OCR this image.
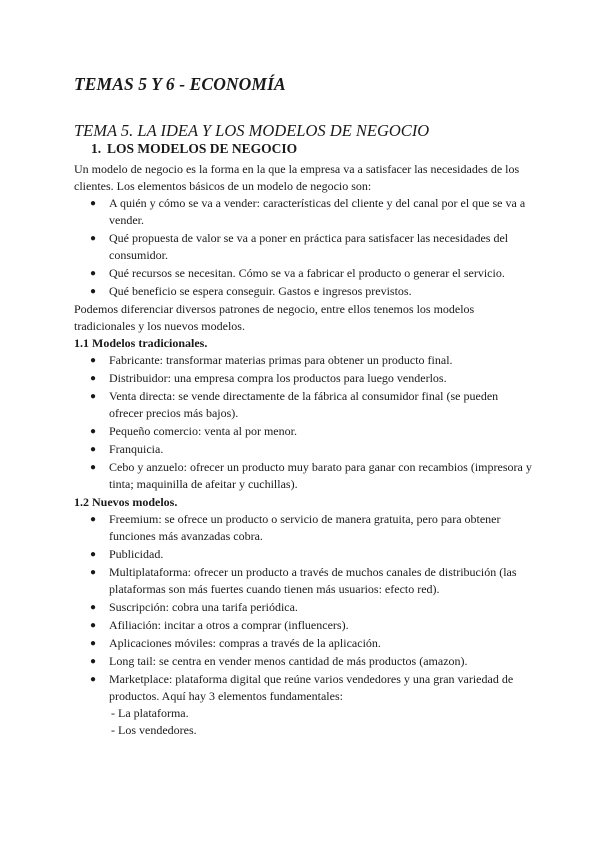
TEMAS 5 Y 6 - ECONOMÍA
TEMA 5. LA IDEA Y LOS MODELOS DE NEGOCIO
1. LOS MODELOS DE NEGOCIO

Un modelo de negocio es la forma en la que la empresa va a satisfacer las necesidades de los clientes. Los elementos básicos de un modelo de negocio son:

● A quién y cómo se va a vender: características del cliente y del canal por el que se va a vender.
● Qué propuesta de valor se va a poner en práctica para satisfacer las necesidades del consumidor.
● Qué recursos se necesitan. Cómo se va a fabricar el producto o generar el servicio.
● Qué beneficio se espera conseguir. Gastos e ingresos previstos.

Podemos diferenciar diversos patrones de negocio, entre ellos tenemos los modelos tradicionales y los nuevos modelos.

1.1 Modelos tradicionales.

● Fabricante: transformar materias primas para obtener un producto final.
● Distribuidor: una empresa compra los productos para luego venderlos.
● Venta directa: se vende directamente de la fábrica al consumidor final (se pueden ofrecer precios más bajos).
● Pequeño comercio: venta al por menor.
● Franquicia.
● Cebo y anzuelo: ofrecer un producto muy barato para ganar con recambios (impresora y tinta; maquinilla de afeitar y cuchillas).

1.2 Nuevos modelos.

● Freemium: se ofrece un producto o servicio de manera gratuita, pero para obtener funciones más avanzadas cobra.
● Publicidad.
● Multiplataforma: ofrecer un producto a través de muchos canales de distribución (las plataformas son más fuertes cuando tienen más usuarios: efecto red).
● Suscripción: cobra una tarifa periódica.
● Afiliación: incitar a otros a comprar (influencers).
● Aplicaciones móviles: compras a través de la aplicación.
● Long tail: se centra en vender menos cantidad de más productos (amazon).
● Marketplace: plataforma digital que reúne varios vendedores y una gran variedad de productos. Aquí hay 3 elementos fundamentales:
- La plataforma.
- Los vendedores.
